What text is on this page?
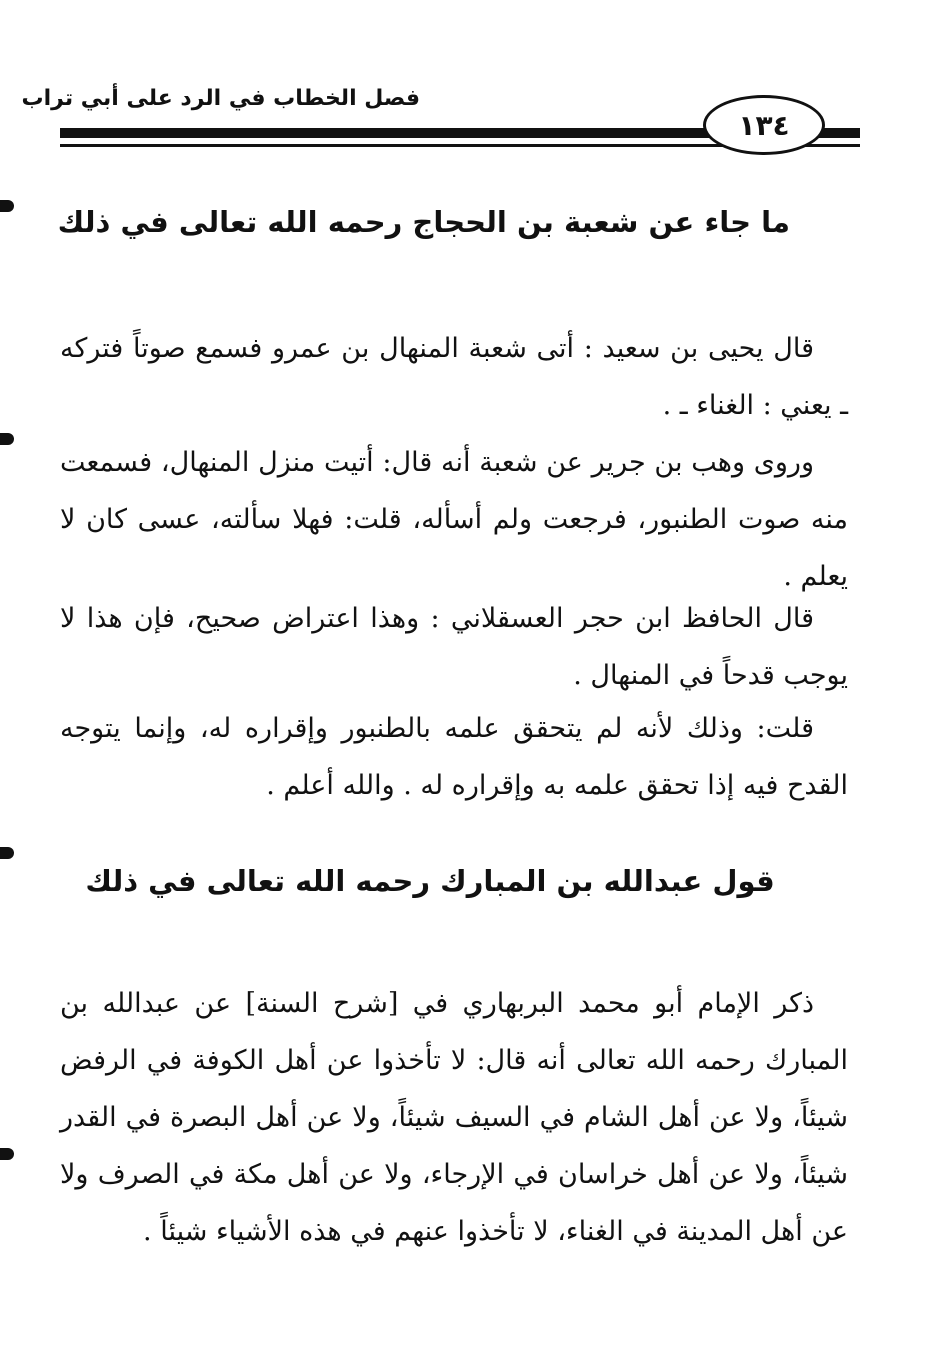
فصل الخطاب في الرد على أبي تراب
١٣٤
ما جاء عن شعبة بن الحجاج رحمه الله تعالى في ذلك
قال يحيى بن سعيد : أتى شعبة المنهال بن عمرو فسمع صوتاً فتركه ـ يعني : الغناء ـ .
وروى وهب بن جرير عن شعبة أنه قال: أتيت منزل المنهال، فسمعت منه صوت الطنبور، فرجعت ولم أسأله، قلت: فهلا سألته، عسى كان لا يعلم .
قال الحافظ ابن حجر العسقلاني : وهذا اعتراض صحيح، فإن هذا لا يوجب قدحاً في المنهال .
قلت: وذلك لأنه لم يتحقق علمه بالطنبور وإقراره له، وإنما يتوجه القدح فيه إذا تحقق علمه به وإقراره له . والله أعلم .
قول عبدالله بن المبارك رحمه الله تعالى في ذلك
ذكر الإمام أبو محمد البربهاري في [شرح السنة] عن عبدالله بن المبارك رحمه الله تعالى أنه قال: لا تأخذوا عن أهل الكوفة في الرفض شيئاً، ولا عن أهل الشام في السيف شيئاً، ولا عن أهل البصرة في القدر شيئاً، ولا عن أهل خراسان في الإرجاء، ولا عن أهل مكة في الصرف ولا عن أهل المدينة في الغناء، لا تأخذوا عنهم في هذه الأشياء شيئاً .
